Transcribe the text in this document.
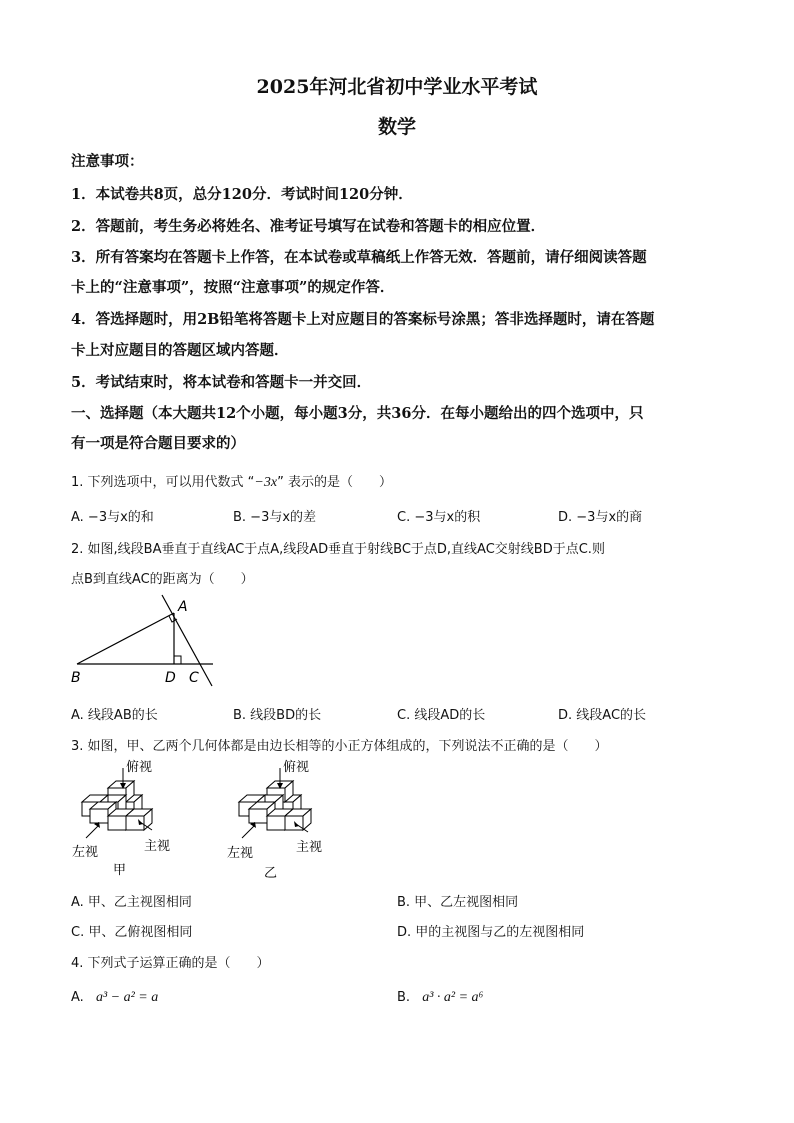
2025年河北省初中学业水平考试
数学
注意事项：
1．本试卷共8页，总分120分．考试时间120分钟．
2．答题前，考生务必将姓名、准考证号填写在试卷和答题卡的相应位置．
3．所有答案均在答题卡上作答，在本试卷或草稿纸上作答无效．答题前，请仔细阅读答题
卡上的“注意事项”，按照“注意事项”的规定作答．
4．答选择题时，用2B铅笔将答题卡上对应题目的答案标号涂黑；答非选择题时，请在答题
卡上对应题目的答题区域内答题．
5．考试结束时，将本试卷和答题卡一并交回．
一、选择题（本大题共12个小题，每小题3分，共36分．在每小题给出的四个选项中，只
有一项是符合题目要求的）
1. 下列选项中，可以用代数式 “−3x” 表示的是（　　）
A. −3与x的和	B. −3与x的差	C. −3与x的积	D. −3与x的商
2. 如图,线段BA垂直于直线AC于点A,线段AD垂直于射线BC于点D,直线AC交射线BD于点C.则
点B到直线AC的距离为（　　）
A
B	D C
A. 线段AB的长	B. 线段BD的长	C. 线段AD的长	D. 线段AC的长
3. 如图，甲、乙两个几何体都是由边长相等的小正方体组成的，下列说法不正确的是（　　）
俯视
左视	主视
甲
俯视
左视	主视
乙
A. 甲、乙主视图相同	B. 甲、乙左视图相同
C. 甲、乙俯视图相同	D. 甲的主视图与乙的左视图相同
4. 下列式子运算正确的是（　　）
A. a³ − a² = a	B. a³ · a² = a⁶
